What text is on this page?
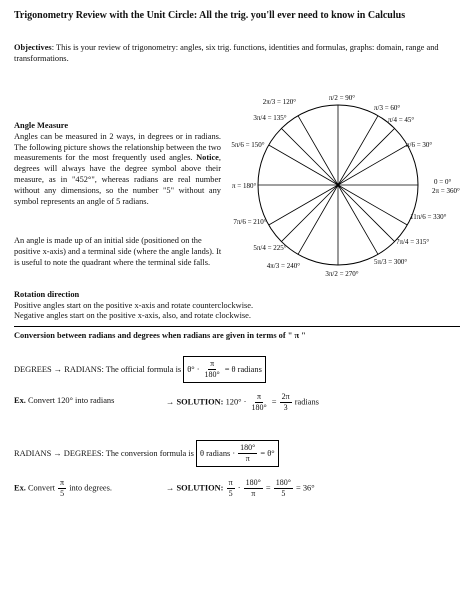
Trigonometry Review with the Unit Circle: All the trig. you'll ever need to know in Calculus
Objectives: This is your review of trigonometry: angles, six trig. functions, identities and formulas, graphs: domain, range and transformations.
Angle Measure
Angles can be measured in 2 ways, in degrees or in radians. The following picture shows the relationship between the two measurements for the most frequently used angles. Notice, degrees will always have the degree symbol above their measure, as in "452°", whereas radians are real number without any dimensions, so the number "5" without any symbol represents an angle of 5 radians.
An angle is made up of an initial side (positioned on the positive x-axis) and a terminal side (where the angle lands). It is useful to note the quadrant where the terminal side falls.
Rotation direction
Positive angles start on the positive x-axis and rotate counterclockwise.
Negative angles start on the positive x-axis, also, and rotate clockwise.
0 = 0°
2π = 360°
π/6 = 30°
π/4 = 45°
π/3 = 60°
π/2 = 90°
2π/3 = 120°
3π/4 = 135°
5π/6 = 150°
π = 180°
7π/6 = 210°
5π/4 = 225°
4π/3 = 240°
3π/2 = 270°
5π/3 = 300°
7π/4 = 315°
11π/6 = 330°
Conversion between radians and degrees when radians are given in terms of " π "
DEGREES → RADIANS: The official formula is $\theta^\circ \cdot \frac{\pi}{180^\circ} = \theta$ radians
Ex. Convert 120° into radians	→ SOLUTION: $120^\circ \cdot \frac{\pi}{180^\circ} = \frac{2\pi}{3}$ radians
RADIANS → DEGREES: The conversion formula is θ radians · $\frac{180^\circ}{\pi} = \theta^\circ$
Ex. Convert $\frac{\pi}{5}$ into degrees.	→ SOLUTION: $\frac{\pi}{5} \cdot \frac{180^\circ}{\pi} = \frac{180^\circ}{5} = 36^\circ$
